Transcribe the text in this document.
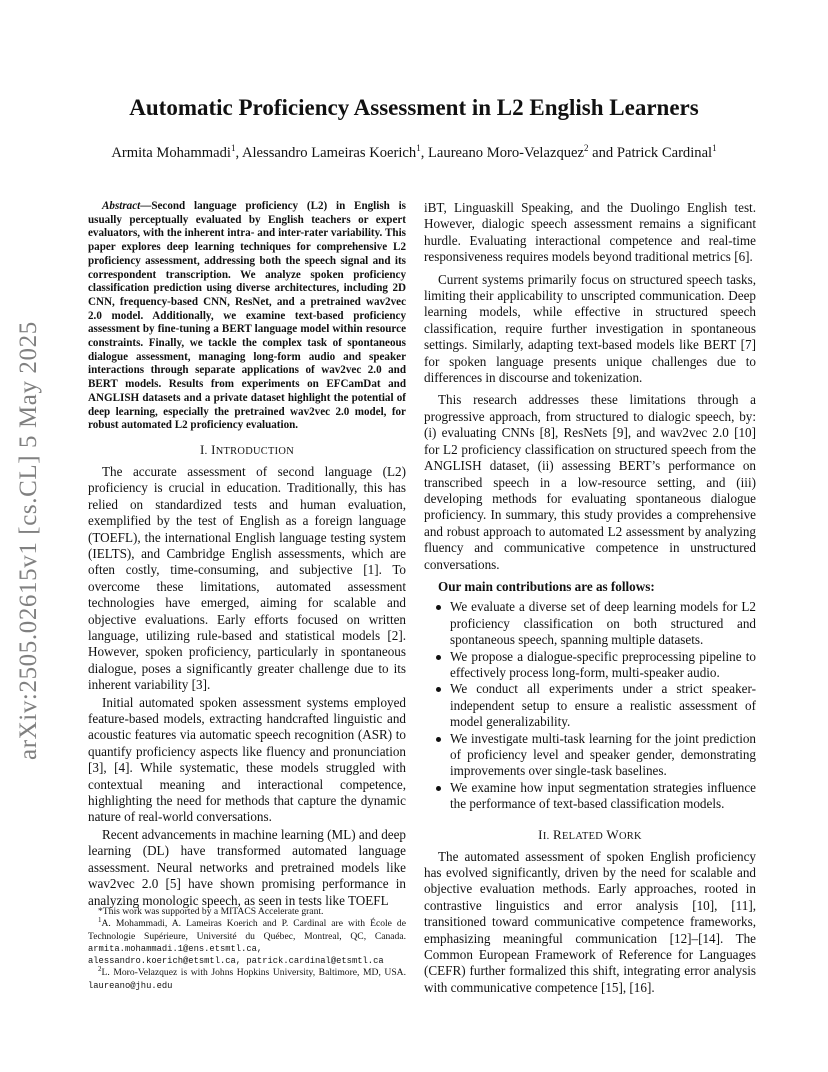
arXiv:2505.02615v1 [cs.CL] 5 May 2025
Automatic Proficiency Assessment in L2 English Learners
Armita Mohammadi$^1$, Alessandro Lameiras Koerich$^1$, Laureano Moro-Velazquez$^2$ and Patrick Cardinal$^1$

Abstract—Second language proficiency (L2) in English is usually perceptually evaluated by English teachers or expert evaluators, with the inherent intra- and inter-rater variability. This paper explores deep learning techniques for comprehensive L2 proficiency assessment, addressing both the speech signal and its correspondent transcription. We analyze spoken proficiency classification prediction using diverse architectures, including 2D CNN, frequency-based CNN, ResNet, and a pretrained wav2vec 2.0 model. Additionally, we examine text-based proficiency assessment by fine-tuning a BERT language model within resource constraints. Finally, we tackle the complex task of spontaneous dialogue assessment, managing long-form audio and speaker interactions through separate applications of wav2vec 2.0 and BERT models. Results from experiments on EFCamDat and ANGLISH datasets and a private dataset highlight the potential of deep learning, especially the pretrained wav2vec 2.0 model, for robust automated L2 proficiency evaluation.

I. INTRODUCTION

The accurate assessment of second language (L2) proficiency is crucial in education. Traditionally, this has relied on standardized tests and human evaluation, exemplified by the test of English as a foreign language (TOEFL), the international English language testing system (IELTS), and Cambridge English assessments, which are often costly, time-consuming, and subjective [1]. To overcome these limitations, automated assessment technologies have emerged, aiming for scalable and objective evaluations. Early efforts focused on written language, utilizing rule-based and statistical models [2]. However, spoken proficiency, particularly in spontaneous dialogue, poses a significantly greater challenge due to its inherent variability [3].

Initial automated spoken assessment systems employed feature-based models, extracting handcrafted linguistic and acoustic features via automatic speech recognition (ASR) to quantify proficiency aspects like fluency and pronunciation [3], [4]. While systematic, these models struggled with contextual meaning and interactional competence, highlighting the need for methods that capture the dynamic nature of real-world conversations.

Recent advancements in machine learning (ML) and deep learning (DL) have transformed automated language assessment. Neural networks and pretrained models like wav2vec 2.0 [5] have shown promising performance in analyzing monologic speech, as seen in tests like TOEFL

*This work was supported by a MITACS Accelerate grant.

$^1$A. Mohammadi, A. Lameiras Koerich and P. Cardinal are with École de Technologie Supérieure, Université du Québec, Montreal, QC, Canada. armita.mohammadi.1@ens.etsmtl.ca, alessandro.koerich@etsmtl.ca, patrick.cardinal@etsmtl.ca

$^2$L. Moro-Velazquez is with Johns Hopkins University, Baltimore, MD, USA. laureano@jhu.edu

iBT, Linguaskill Speaking, and the Duolingo English test. However, dialogic speech assessment remains a significant hurdle. Evaluating interactional competence and real-time responsiveness requires models beyond traditional metrics [6].

Current systems primarily focus on structured speech tasks, limiting their applicability to unscripted communication. Deep learning models, while effective in structured speech classification, require further investigation in spontaneous settings. Similarly, adapting text-based models like BERT [7] for spoken language presents unique challenges due to differences in discourse and tokenization.

This research addresses these limitations through a progressive approach, from structured to dialogic speech, by: (i) evaluating CNNs [8], ResNets [9], and wav2vec 2.0 [10] for L2 proficiency classification on structured speech from the ANGLISH dataset, (ii) assessing BERT’s performance on transcribed speech in a low-resource setting, and (iii) developing methods for evaluating spontaneous dialogue proficiency. In summary, this study provides a comprehensive and robust approach to automated L2 assessment by analyzing fluency and communicative competence in unstructured conversations.

Our main contributions are as follows:
We evaluate a diverse set of deep learning models for L2 proficiency classification on both structured and spontaneous speech, spanning multiple datasets.
We propose a dialogue-specific preprocessing pipeline to effectively process long-form, multi-speaker audio.
We conduct all experiments under a strict speaker-independent setup to ensure a realistic assessment of model generalizability.
We investigate multi-task learning for the joint prediction of proficiency level and speaker gender, demonstrating improvements over single-task baselines.
We examine how input segmentation strategies influence the performance of text-based classification models.
II. RELATED WORK

The automated assessment of spoken English proficiency has evolved significantly, driven by the need for scalable and objective evaluation methods. Early approaches, rooted in contrastive linguistics and error analysis [10], [11], transitioned toward communicative competence frameworks, emphasizing meaningful communication [12]–[14]. The Common European Framework of Reference for Languages (CEFR) further formalized this shift, integrating error analysis with communicative competence [15], [16].
